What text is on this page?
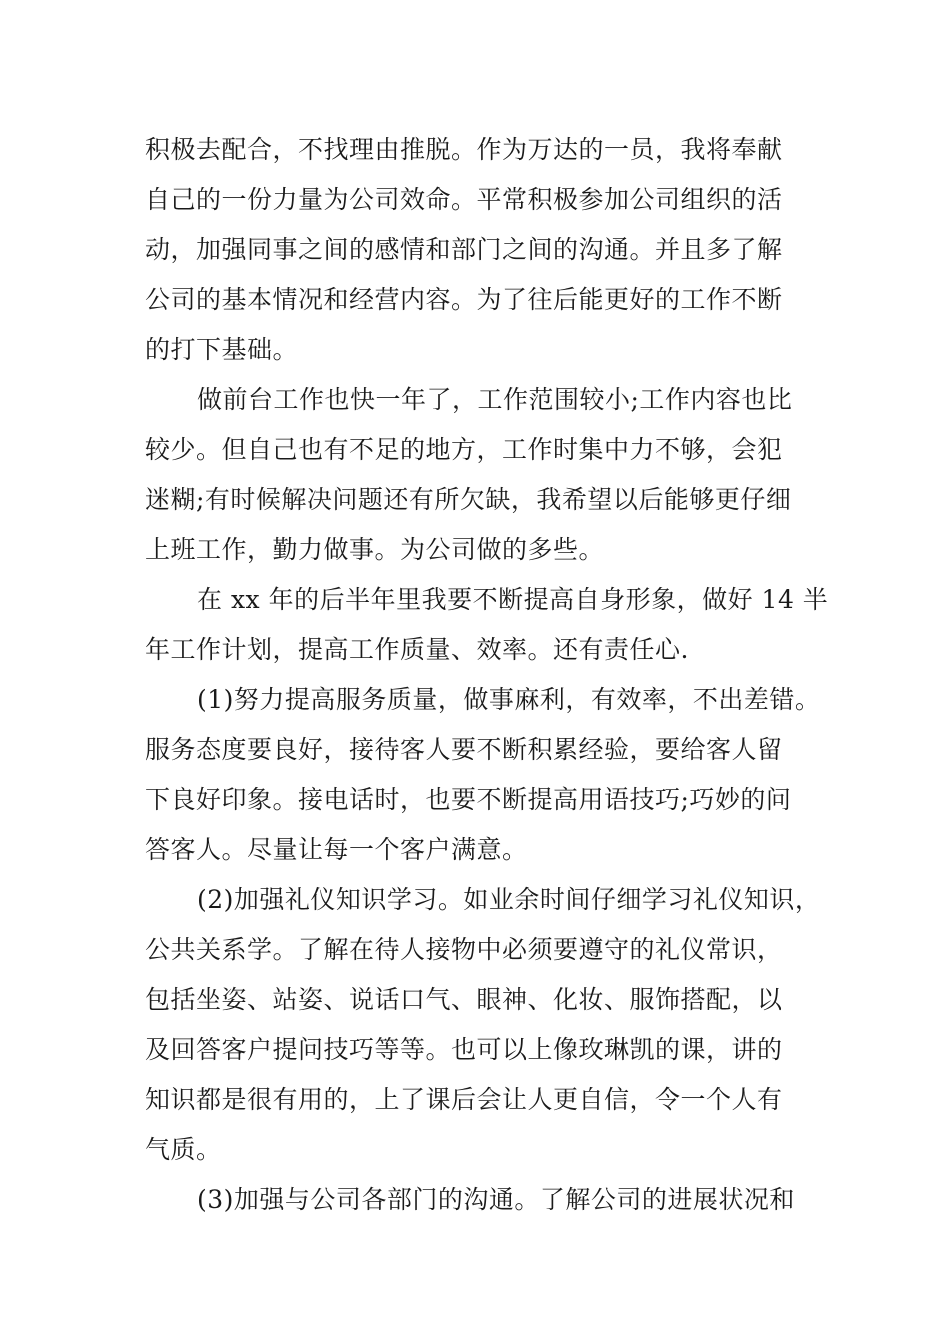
积极去配合，不找理由推脱。作为万达的一员，我将奉献
自己的一份力量为公司效命。平常积极参加公司组织的活
动，加强同事之间的感情和部门之间的沟通。并且多了解
公司的基本情况和经营内容。为了往后能更好的工作不断
的打下基础。
做前台工作也快一年了，工作范围较小;工作内容也比
较少。但自己也有不足的地方，工作时集中力不够，会犯
迷糊;有时候解决问题还有所欠缺，我希望以后能够更仔细
上班工作，勤力做事。为公司做的多些。
在 xx 年的后半年里我要不断提高自身形象，做好 14 半
年工作计划，提高工作质量、效率。还有责任心.
(1)努力提高服务质量，做事麻利，有效率，不出差错。
服务态度要良好，接待客人要不断积累经验，要给客人留
下良好印象。接电话时，也要不断提高用语技巧;巧妙的问
答客人。尽量让每一个客户满意。
(2)加强礼仪知识学习。如业余时间仔细学习礼仪知识，
公共关系学。了解在待人接物中必须要遵守的礼仪常识，
包括坐姿、站姿、说话口气、眼神、化妆、服饰搭配，以
及回答客户提问技巧等等。也可以上像玫琳凯的课，讲的
知识都是很有用的，上了课后会让人更自信，令一个人有
气质。
(3)加强与公司各部门的沟通。了解公司的进展状况和
